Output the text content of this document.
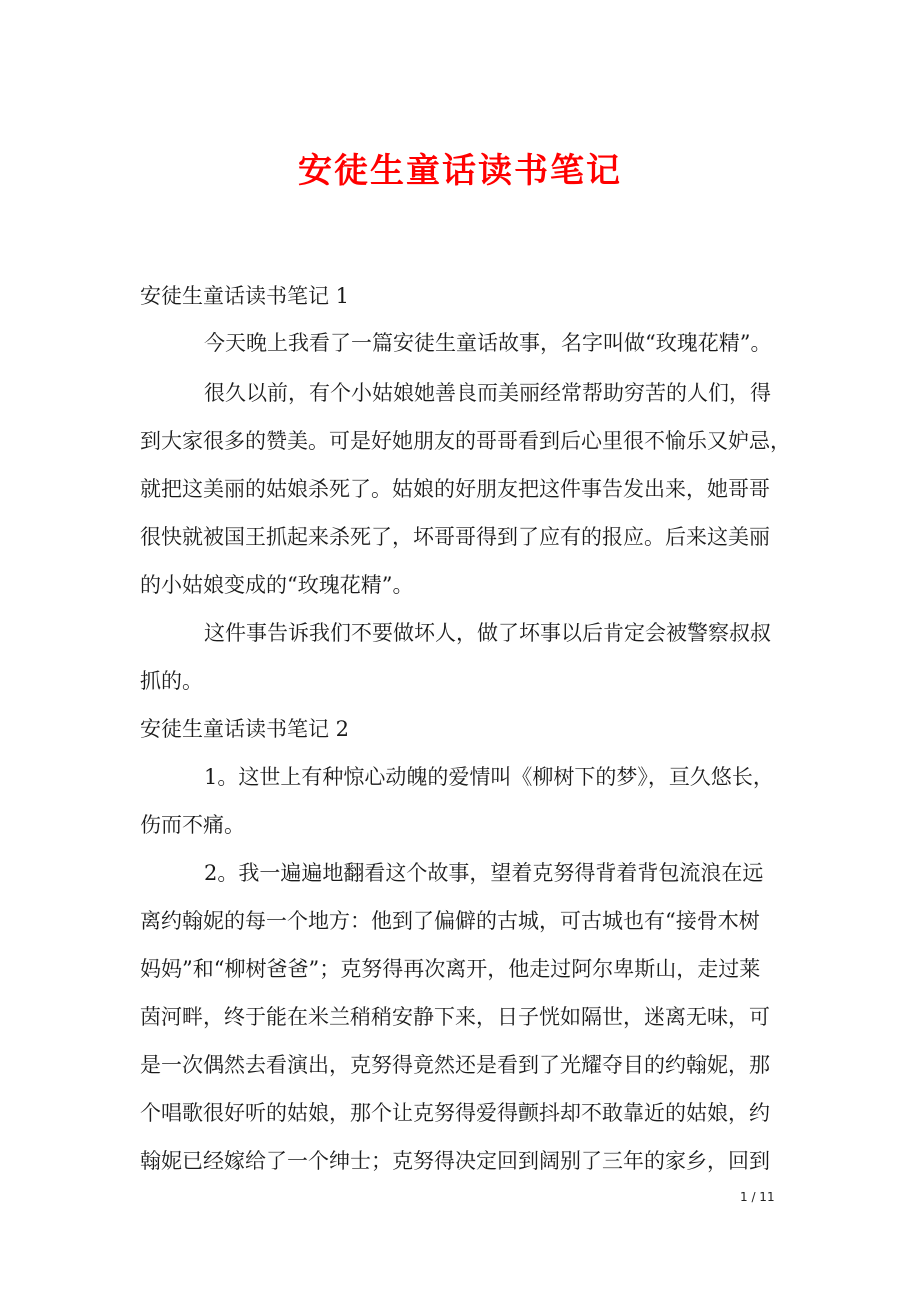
安徒生童话读书笔记
安徒生童话读书笔记 1
今天晚上我看了一篇安徒生童话故事，名字叫做“玫瑰花精”。
很久以前，有个小姑娘她善良而美丽经常帮助穷苦的人们，得
到大家很多的赞美。可是好她朋友的哥哥看到后心里很不愉乐又妒忌，
就把这美丽的姑娘杀死了。姑娘的好朋友把这件事告发出来，她哥哥
很快就被国王抓起来杀死了，坏哥哥得到了应有的报应。后来这美丽
的小姑娘变成的“玫瑰花精”。
这件事告诉我们不要做坏人，做了坏事以后肯定会被警察叔叔
抓的。
安徒生童话读书笔记 2
1。这世上有种惊心动魄的爱情叫《柳树下的梦》，亘久悠长，
伤而不痛。
2。我一遍遍地翻看这个故事，望着克努得背着背包流浪在远
离约翰妮的每一个地方：他到了偏僻的古城，可古城也有“接骨木树
妈妈”和“柳树爸爸”；克努得再次离开，他走过阿尔卑斯山，走过莱
茵河畔，终于能在米兰稍稍安静下来，日子恍如隔世，迷离无味，可
是一次偶然去看演出，克努得竟然还是看到了光耀夺目的约翰妮，那
个唱歌很好听的姑娘，那个让克努得爱得颤抖却不敢靠近的姑娘，约
翰妮已经嫁给了一个绅士；克努得决定回到阔别了三年的家乡，回到
1 / 11
